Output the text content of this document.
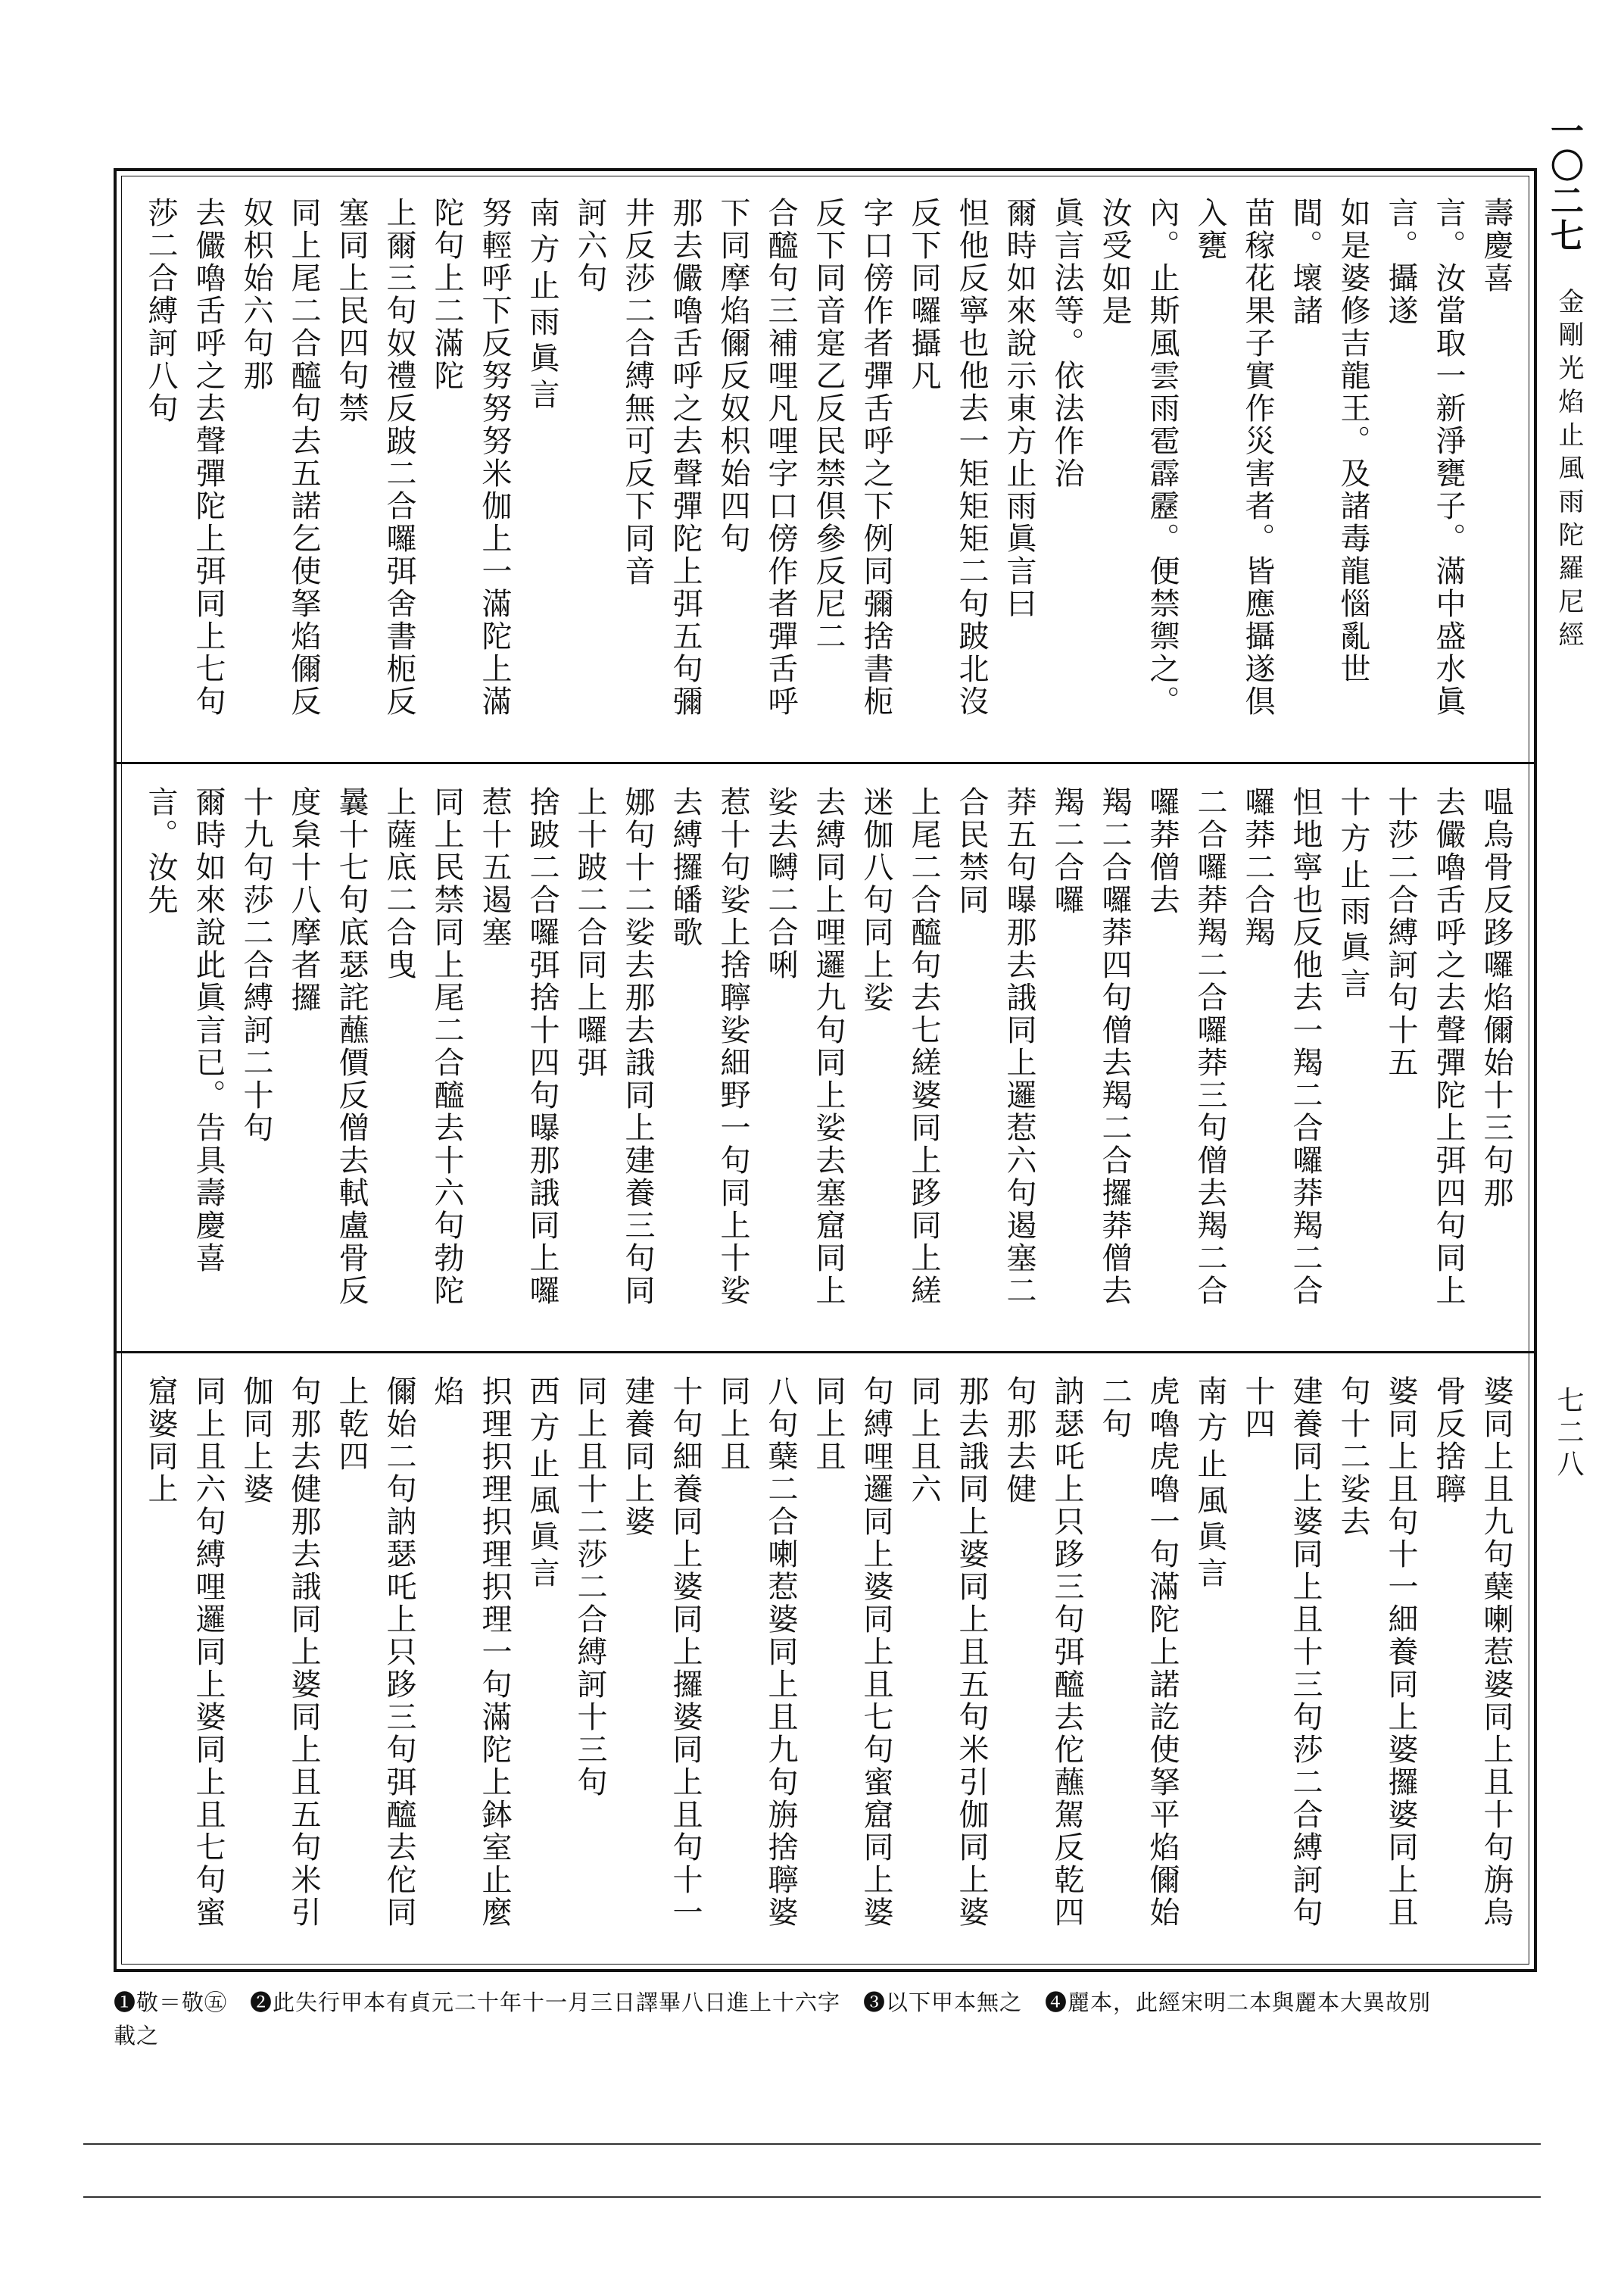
一〇二七
金剛光焰止風雨陀羅尼經
七二八
壽慶喜
言。汝當取一新淨甕子。滿中盛水眞言。攝遂
如是婆修吉龍王。及諸毒龍惱亂世間。壞諸
苗稼花果子實作災害者。皆應攝遂倶入甕
內。止斯風雲雨雹霹靂。便禁禦之。汝受如是
眞言法等。依法作治
爾時如來說示東方止雨眞言曰
怛他反寧也他去一矩矩矩二句跛北沒反下同囉攝凡
字口傍作者彈舌呼之下例同彌捨書枙反下同音寔乙反民禁倶參反尼二
合醯句三補哩凡哩字口傍作者彈舌呼下同摩焰儞反奴枳始四句
那去儼嚕舌呼之去聲彈陀上弭五句彌井反莎二合縛無可反下同音
訶六句
南方止雨眞言
努輕呼下反努努努米伽上一滿陀上滿陀句上二滿陀
上爾三句奴禮反跛二合囉弭舍書枙反塞同上民四句禁
同上尾二合醯句去五諾乞使拏焰儞反奴枳始六句那
去儼嚕舌呼之去聲彈陀上弭同上七句莎二合縛訶八句
嗢烏骨反跢囉焰儞始十三句那
去儼嚕舌呼之去聲彈陀上弭四句同上十莎二合縛訶句十五
十方止雨眞言
怛地寧也反他去一羯二合囉莽羯二合囉莽二合羯
二合囉莽羯二合囉莽三句僧去羯二合囉莽僧去
羯二合囉莽四句僧去羯二合攞莽僧去羯二合囉
莽五句曝那去誐同上邏惹六句遏塞二合民禁同
上尾二合醯句去七縒婆同上跢同上縒迷伽八句同上娑
去縛同上哩邏九句同上娑去塞窟同上娑去嚩二合唎
惹十句娑上捨聹娑細野一句同上十娑去縛攞皤歌
娜句十二娑去那去誐同上建養三句同上十跛二合同上囉弭
捨跛二合囉弭捨十四句曝那誐同上囉惹十五遏塞
同上民禁同上尾二合醯去十六句勃陀上薩底二合曳
曩十七句底瑟詫蘸價反僧去軾盧骨反度枲十八摩者攞
十九句莎二合縛訶二十句
爾時如來說此眞言已。告具壽慶喜言。汝先
婆同上且九句蘖喇惹婆同上且十句旃烏骨反捨聹
婆同上且句十一細養同上婆攞婆同上且句十二娑去
建養同上婆同上且十三句莎二合縛訶句十四
南方止風眞言
虎嚕虎嚕一句滿陀上諾訖使拏平焰儞始二句
訥瑟吒上只跢三句弭醯去佗蘸駕反乾四句那去健
那去誐同上婆同上且五句米引伽同上婆同上且六
句縛哩邏同上婆同上且七句蜜窟同上婆同上且
八句蘖二合喇惹婆同上且九句旃捨聹婆同上且
十句細養同上婆同上攞婆同上且句十一建養同上婆
同上且十二莎二合縛訶十三句
西方止風眞言
抧理抧理抧理抧理一句滿陀上鉢室止麼焰
儞始二句訥瑟吒上只跢三句弭醯去佗同上乾四
句那去健那去誐同上婆同上且五句米引伽同上婆
同上且六句縛哩邏同上婆同上且七句蜜窟婆同上
❶敬＝敬㊄　❷此失行甲本有貞元二十年十一月三日譯畢八日進上十六字　❸以下甲本無之　❹麗本，此經宋明二本與麗本大異故別
載之
